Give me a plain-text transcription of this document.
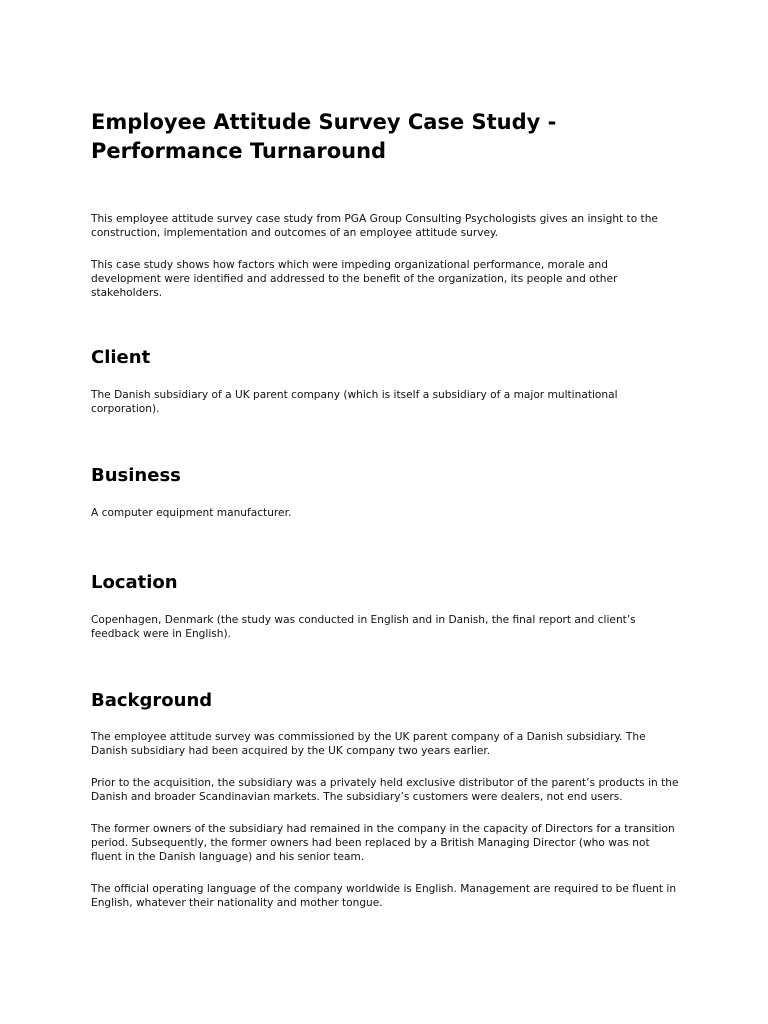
Employee Attitude Survey Case Study - Performance Turnaround

This employee attitude survey case study from PGA Group Consulting Psychologists gives an insight to the construction, implementation and outcomes of an employee attitude survey.

This case study shows how factors which were impeding organizational performance, morale and development were identified and addressed to the benefit of the organization, its people and other stakeholders.

Client

The Danish subsidiary of a UK parent company (which is itself a subsidiary of a major multinational corporation).

Business

A computer equipment manufacturer.

Location

Copenhagen, Denmark (the study was conducted in English and in Danish, the final report and client’s feedback were in English).

Background

The employee attitude survey was commissioned by the UK parent company of a Danish subsidiary. The Danish subsidiary had been acquired by the UK company two years earlier.

Prior to the acquisition, the subsidiary was a privately held exclusive distributor of the parent’s products in the Danish and broader Scandinavian markets. The subsidiary’s customers were dealers, not end users.

The former owners of the subsidiary had remained in the company in the capacity of Directors for a transition period. Subsequently, the former owners had been replaced by a British Managing Director (who was not fluent in the Danish language) and his senior team.

The official operating language of the company worldwide is English. Management are required to be fluent in English, whatever their nationality and mother tongue.
